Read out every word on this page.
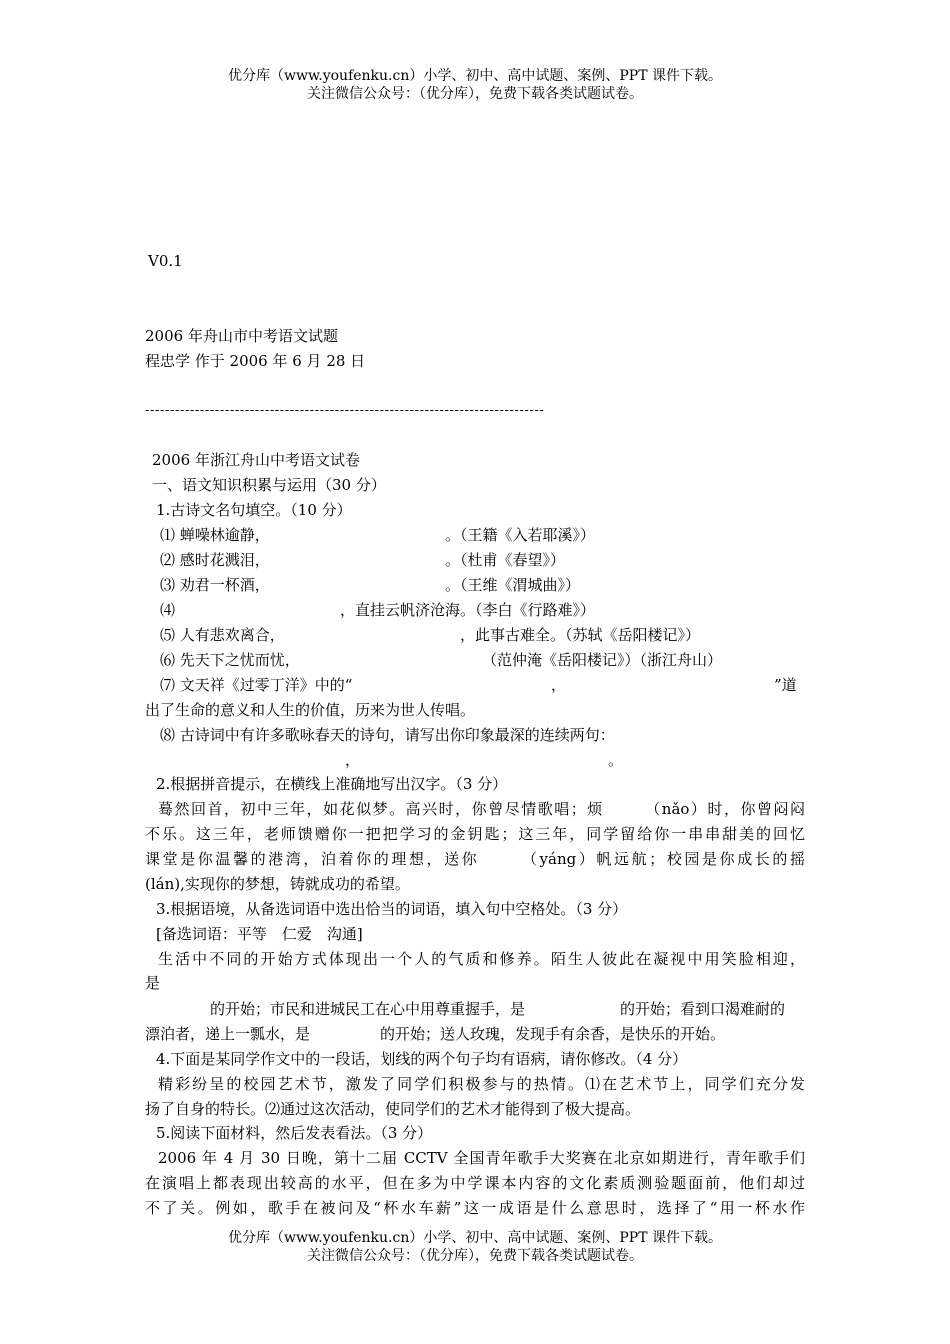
优分库（www.youfenku.cn）小学、初中、高中试题、案例、PPT 课件下载。
关注微信公众号：（优分库），免费下载各类试题试卷。
V0.1
2006 年舟山市中考语文试题
程忠学 作于 2006 年 6 月 28 日
--------------------------------------------------------------------------------
2006 年浙江舟山中考语文试卷
一、语文知识积累与运用（30 分）
1.古诗文名句填空。（10 分）
⑴ 蝉噪林逾静，	。（王籍《入若耶溪》）
⑵ 感时花溅泪，	。（杜甫《春望》）
⑶ 劝君一杯酒，	。（王维《渭城曲》）
⑷	，直挂云帆济沧海。（李白《行路难》）
⑸ 人有悲欢离合，	，此事古难全。（苏轼《岳阳楼记》）
⑹ 先天下之忧而忧，	（范仲淹《岳阳楼记》）（浙江舟山）
⑺ 文天祥《过零丁洋》中的“	，	”道
出了生命的意义和人生的价值，历来为世人传唱。
⑻ 古诗词中有许多歌咏春天的诗句，请写出你印象最深的连续两句：
，	。
2.根据拼音提示，在横线上准确地写出汉字。（3 分）
蓦然回首，初中三年，如花似梦。高兴时，你曾尽情歌唱；烦	（nǎo）时，你曾闷闷
不乐。这三年，老师馈赠你一把把学习的金钥匙；这三年，同学留给你一串串甜美的回忆
课堂是你温馨的港湾，泊着你的理想，送你	（yáng）帆远航；校园是你成长的摇
(lán),实现你的梦想，铸就成功的希望。
3.根据语境，从备选词语中选出恰当的词语，填入句中空格处。（3 分）
[备选词语：平等　仁爱　沟通]
生活中不同的开始方式体现出一个人的气质和修养。陌生人彼此在凝视中用笑脸相迎，
是
的开始；市民和进城民工在心中用尊重握手，是	的开始；看到口渴难耐的
漂泊者，递上一瓢水，是	的开始；送人玫瑰，发现手有余香，是快乐的开始。
4.下面是某同学作文中的一段话，划线的两个句子均有语病，请你修改。（4 分）
精彩纷呈的校园艺术节，激发了同学们积极参与的热情。⑴在艺术节上，同学们充分发
扬了自身的特长。⑵通过这次活动，使同学们的艺术才能得到了极大提高。
5.阅读下面材料，然后发表看法。（3 分）
2006 年 4 月 30 日晚，第十二届 CCTV 全国青年歌手大奖赛在北京如期进行，青年歌手们
在演唱上都表现出较高的水平，但在多为中学课本内容的文化素质测验题面前，他们却过
不了关。例如，歌手在被问及“杯水车薪”这一成语是什么意思时，选择了“用一杯水作
优分库（www.youfenku.cn）小学、初中、高中试题、案例、PPT 课件下载。
关注微信公众号：（优分库），免费下载各类试题试卷。
